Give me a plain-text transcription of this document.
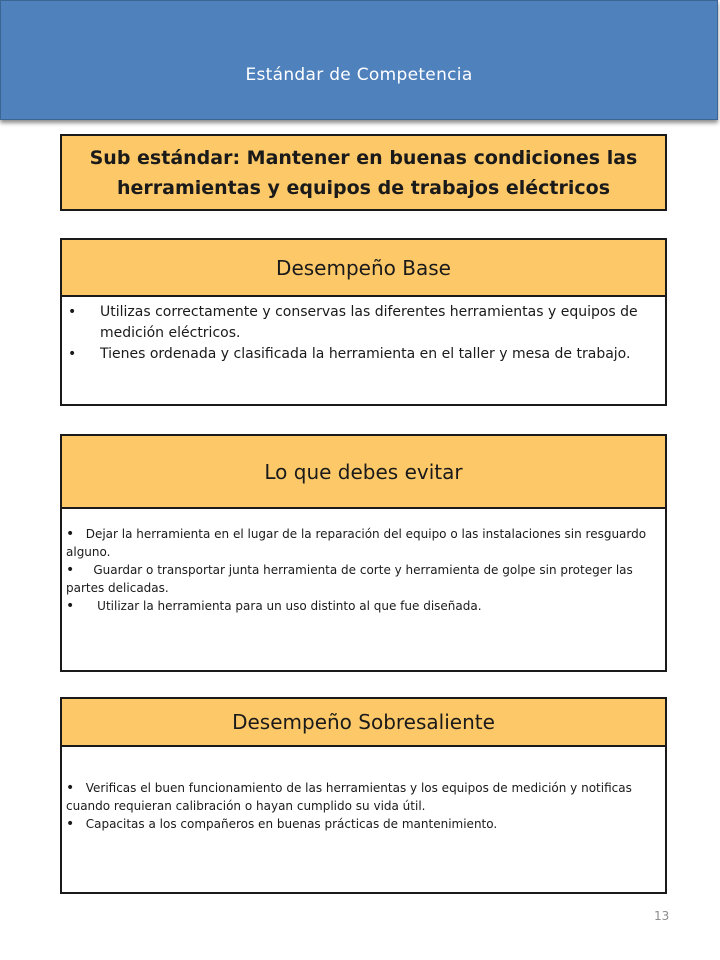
Estándar de Competencia
Sub estándar: Mantener en buenas condiciones las herramientas y equipos de trabajos eléctricos
Desempeño Base
• Utilizas correctamente y conservas las diferentes herramientas y equipos de medición eléctricos.
• Tienes ordenada y clasificada la herramienta en el taller y mesa de trabajo.
Lo que debes evitar

• Dejar la herramienta en el lugar de la reparación del equipo o las instalaciones sin resguardo alguno.

• Guardar o transportar junta herramienta de corte y herramienta de golpe sin proteger las partes delicadas.

• Utilizar la herramienta para un uso distinto al que fue diseñada.

Desempeño Sobresaliente

• Verificas el buen funcionamiento de las herramientas y los equipos de medición y notificas cuando requieran calibración o hayan cumplido su vida útil.

• Capacitas a los compañeros en buenas prácticas de mantenimiento.

13
